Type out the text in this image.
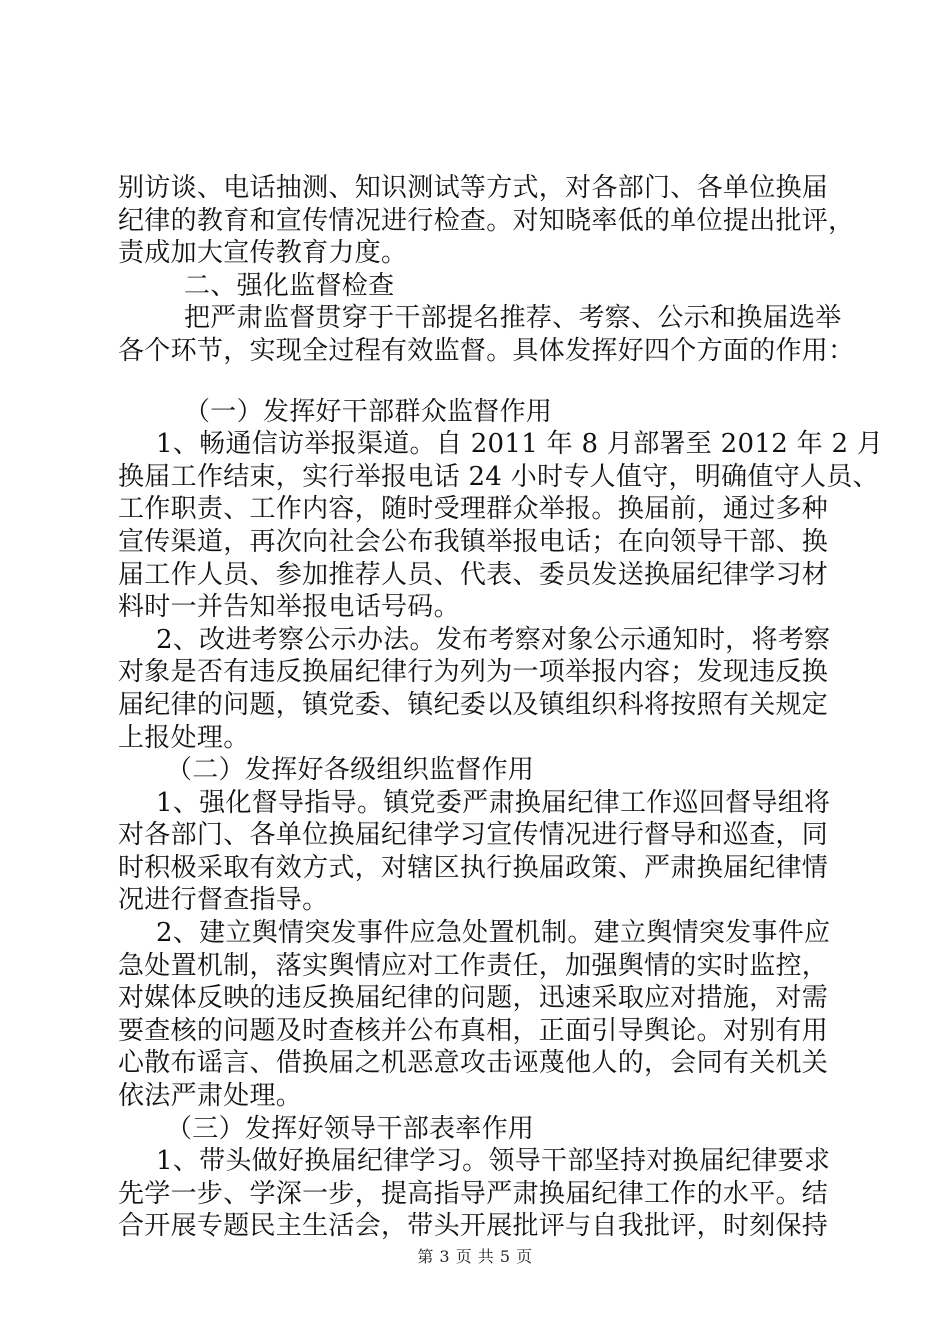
别访谈、电话抽测、知识测试等方式，对各部门、各单位换届
纪律的教育和宣传情况进行检查。对知晓率低的单位提出批评，
责成加大宣传教育力度。
二、强化监督检查
把严肃监督贯穿于干部提名推荐、考察、公示和换届选举
各个环节，实现全过程有效监督。具体发挥好四个方面的作用：
（一）发挥好干部群众监督作用
1、畅通信访举报渠道。自 2011 年 8 月部署至 2012 年 2 月
换届工作结束，实行举报电话 24 小时专人值守，明确值守人员、
工作职责、工作内容，随时受理群众举报。换届前，通过多种
宣传渠道，再次向社会公布我镇举报电话；在向领导干部、换
届工作人员、参加推荐人员、代表、委员发送换届纪律学习材
料时一并告知举报电话号码。
2、改进考察公示办法。发布考察对象公示通知时，将考察
对象是否有违反换届纪律行为列为一项举报内容；发现违反换
届纪律的问题，镇党委、镇纪委以及镇组织科将按照有关规定
上报处理。
（二）发挥好各级组织监督作用
1、强化督导指导。镇党委严肃换届纪律工作巡回督导组将
对各部门、各单位换届纪律学习宣传情况进行督导和巡查，同
时积极采取有效方式，对辖区执行换届政策、严肃换届纪律情
况进行督查指导。
2、建立舆情突发事件应急处置机制。建立舆情突发事件应
急处置机制，落实舆情应对工作责任，加强舆情的实时监控，
对媒体反映的违反换届纪律的问题，迅速采取应对措施，对需
要查核的问题及时查核并公布真相，正面引导舆论。对别有用
心散布谣言、借换届之机恶意攻击诬蔑他人的，会同有关机关
依法严肃处理。
（三）发挥好领导干部表率作用
1、带头做好换届纪律学习。领导干部坚持对换届纪律要求
先学一步、学深一步，提高指导严肃换届纪律工作的水平。结
合开展专题民主生活会，带头开展批评与自我批评，时刻保持
第 3 页 共 5 页
